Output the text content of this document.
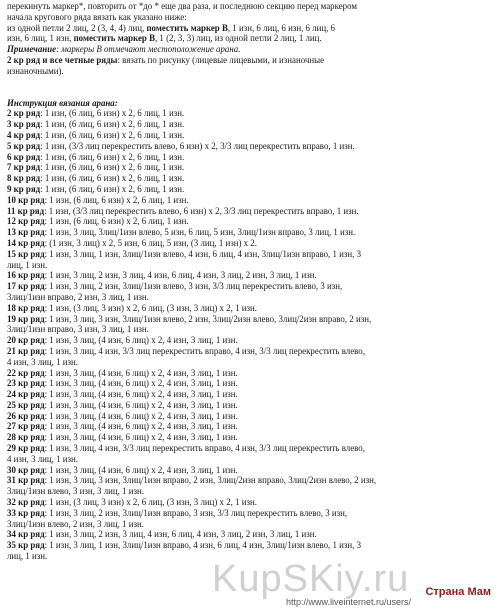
перекинуть маркер*, повторить от *до * еще два раза, и последнюю секцию перед маркером
начала кругового ряда вязать как указано ниже:
из одной петли 2 лиц, 2 (3, 4, 4) лиц, поместить маркер В, 1 изн, 6 лиц, 6 изн, 6 лиц, 6
изн, 6 лиц, 1 изн, поместить маркер В, 1 (2, 3, 3) лиц, из одной петли 2 лиц, 1 лиц.
Примечание: маркеры В отмечают местоположение арана.
2 кр ряд и все четные ряды: вязать по рисунку (лицевые лицевыми, и изнаночные
изнаночными).
Инструкция вязания арана:
2 кр ряд: 1 изн, (6 лиц, 6 изн) х 2, 6 лиц, 1 изн.
3 кр ряд: 1 изн, (6 лиц, 6 изн) х 2, 6 лиц, 1 изн.
4 кр ряд: 1 изн, (6 лиц, 6 изн) х 2, 6 лиц, 1 изн.
5 кр ряд: 1 изн, (3/3 лиц перекрестить влево, 6 изн) х 2, 3/3 лиц перекрестить вправо, 1 изн.
6 кр ряд: 1 изн, (6 лиц, 6 изн) х 2, 6 лиц, 1 изн.
7 кр ряд: 1 изн, (6 лиц, 6 изн) х 2, 6 лиц, 1 изн.
8 кр ряд: 1 изн, (6 лиц, 6 изн) х 2, 6 лиц, 1 изн.
9 кр ряд: 1 изн, (6 лиц, 6 изн) х 2, 6 лиц, 1 изн.
10 кр ряд: 1 изн, (6 лиц, 6 изн) х 2, 6 лиц, 1 изн.
11 кр ряд: 1 изн, (3/3 лиц перекрестить влево, 6 изн) х 2, 3/3 лиц перекрестить вправо, 1 изн.
12 кр ряд: 1 изн, (6 лиц, 6 изн) х 2, 6 лиц, 1 изн.
13 кр ряд: 1 изн, 3 лиц, 3лиц/1изн влево, 5 изн, 6 лиц, 5 изн, 3лиц/1изн вправо, 3 лиц, 1 изн.
14 кр ряд: (1 изн, 3 лиц) х 2, 5 изн, 6 лиц, 5 изн, (3 лиц, 1 изн) х 2.
15 кр ряд: 1 изн, 3 лиц, 1 изн, 3лиц/1изн влево, 4 изн, 6 лиц, 4 изн, 3лиц/1изн вправо, 1 изн, 3
лиц, 1 изн.
16 кр ряд: 1 изн, 3 лиц, 2 изн, 3 лиц, 4 изн, 6 лиц, 4 изн, 3 лиц, 2 изн, 3 лиц, 1 изн.
17 кр ряд: 1 изн, 3 лиц, 2 изн, 3лиц/1изн влево, 3 изн, 3/3 лиц перекрестить влево, 3 изн,
3лиц/1изн вправо, 2 изн, 3 лиц, 1 изн.
18 кр ряд: 1 изн, (3 лиц, 3 изн) х 2, 6 лиц, (3 изн, 3 лиц) х 2, 1 изн.
19 кр ряд: 1 изн, 3 лиц, 3 изн, 3лиц/1изн влево, 2 изн, 3лиц/2изн влево, 3лиц/2изн вправо, 2 изн,
3лиц/1изн вправо, 3 изн, 3 лиц, 1 изн.
20 кр ряд: 1 изн, 3 лиц, (4 изн, 6 лиц) х 2, 4 изн, 3 лиц, 1 изн.
21 кр ряд: 1 изн, 3 лиц, 4 изн, 3/3 лиц перекрестить вправо, 4 изн, 3/3 лиц перекрестить влево,
4 изн, 3 лиц, 1 изн.
22 кр ряд: 1 изн, 3 лиц, (4 изн, 6 лиц) х 2, 4 изн, 3 лиц, 1 изн.
23 кр ряд: 1 изн, 3 лиц, (4 изн, 6 лиц) х 2, 4 изн, 3 лиц, 1 изн.
24 кр ряд: 1 изн, 3 лиц, (4 изн, 6 лиц) х 2, 4 изн, 3 лиц, 1 изн.
25 кр ряд: 1 изн, 3 лиц, (4 изн, 6 лиц) х 2, 4 изн, 3 лиц, 1 изн.
26 кр ряд: 1 изн, 3 лиц, (4 изн, 6 лиц) х 2, 4 изн, 3 лиц, 1 изн.
27 кр ряд: 1 изн, 3 лиц, (4 изн, 6 лиц) х 2, 4 изн, 3 лиц, 1 изн.
28 кр ряд: 1 изн, 3 лиц, (4 изн, 6 лиц) х 2, 4 изн, 3 лиц, 1 изн.
29 кр ряд: 1 изн, 3 лиц, 4 изн, 3/3 лиц перекрестить вправо, 4 изн, 3/3 лиц перекрестить влево,
4 изн, 3 лиц, 1 изн.
30 кр ряд: 1 изн, 3 лиц, (4 изн, 6 лиц) х 2, 4 изн, 3 лиц, 1 изн.
31 кр ряд: 1 изн, 3 лиц, 3 изн, 3лиц/1изн вправо, 2 изн, 3лиц/2изн вправо, 3лиц/2изн влево, 2 изн,
3лиц/1изн влево, 3 изн, 3 лиц, 1 изн.
32 кр ряд: 1 изн, (3 лиц, 3 изн) х 2, 6 лиц, (3 изн, 3 лиц) х 2, 1 изн.
33 кр ряд: 1 изн, 3 лиц, 2 изн, 3лиц/1изн вправо, 3 изн, 3/3 лиц перекрестить влево, 3 изн,
3лиц/1изн влево, 2 изн, 3 лиц, 1 изн.
34 кр ряд: 1 изн, 3 лиц, 2 изн, 3 лиц, 4 изн, 6 лиц, 4 изн, 3 лиц, 2 изн, 3 лиц, 1 изн.
35 кр ряд: 1 изн, 3 лиц, 1 изн, 3лиц/1изн вправо, 4 изн, 6 лиц, 4 изн, 3лиц/1изн влево, 1 изн, 3
лиц, 1 изн.
KupSKiy.ru Страна Мам
http://www.liveinternet.ru/users/
